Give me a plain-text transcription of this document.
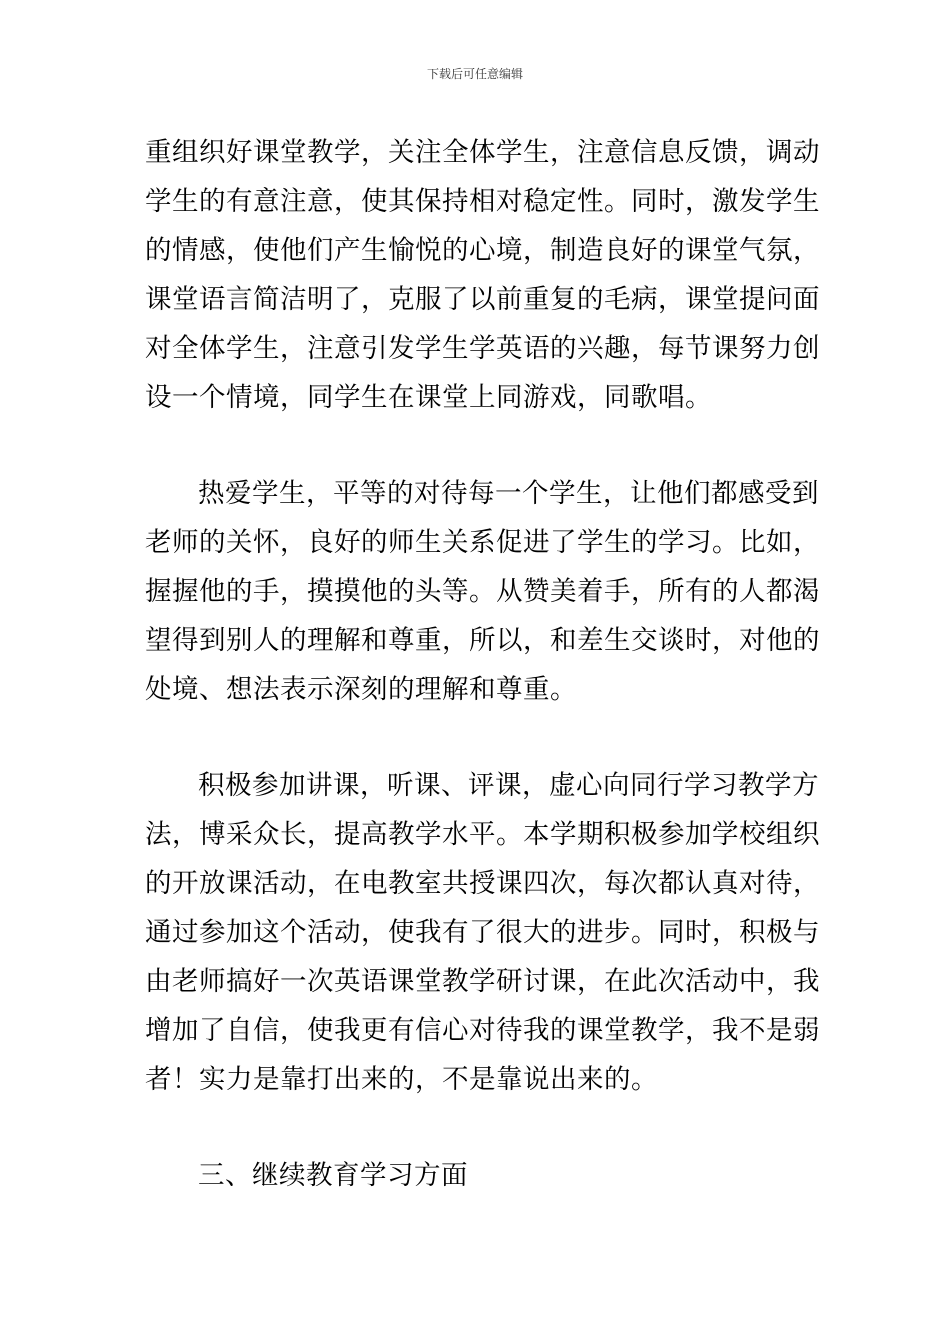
下载后可任意编辑

重组织好课堂教学，关注全体学生，注意信息反馈，调动
学生的有意注意，使其保持相对稳定性。同时，激发学生
的情感，使他们产生愉悦的心境，制造良好的课堂气氛，
课堂语言简洁明了，克服了以前重复的毛病，课堂提问面
对全体学生，注意引发学生学英语的兴趣，每节课努力创
设一个情境，同学生在课堂上同游戏，同歌唱。

热爱学生，平等的对待每一个学生，让他们都感受到
老师的关怀，良好的师生关系促进了学生的学习。比如，
握握他的手，摸摸他的头等。从赞美着手，所有的人都渴
望得到别人的理解和尊重，所以，和差生交谈时，对他的
处境、想法表示深刻的理解和尊重。

积极参加讲课，听课、评课，虚心向同行学习教学方
法，博采众长，提高教学水平。本学期积极参加学校组织
的开放课活动，在电教室共授课四次，每次都认真对待，
通过参加这个活动，使我有了很大的进步。同时，积极与
由老师搞好一次英语课堂教学研讨课，在此次活动中，我
增加了自信，使我更有信心对待我的课堂教学，我不是弱
者！实力是靠打出来的，不是靠说出来的。

三、继续教育学习方面
